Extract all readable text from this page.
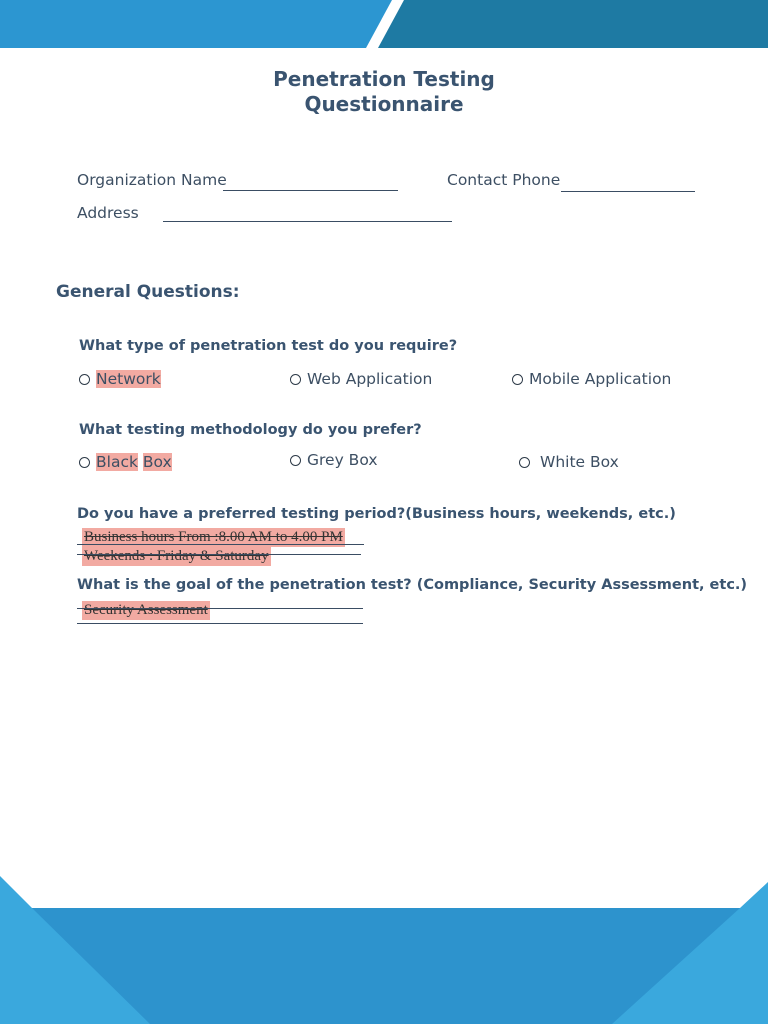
Penetration Testing
Questionnaire
Organization Name	Contact Phone
Address
General Questions:
What type of penetration test do you require?
Network	Web Application	Mobile Application
What testing methodology do you prefer?
Black Box	Grey Box	White Box
Do you have a preferred testing period?(Business hours, weekends, etc.)
Business hours From :8.00 AM to 4.00 PM
Weekends : Friday & Saturday
What is the goal of the penetration test? (Compliance, Security Assessment, etc.)
Security Assessment
